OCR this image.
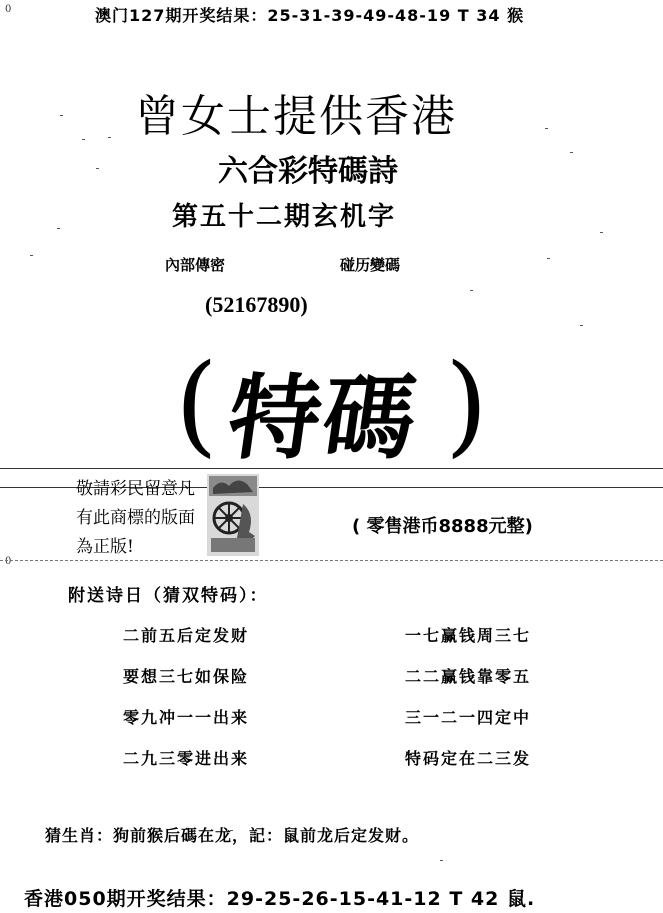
澳门127期开奖结果：25-31-39-49-48-19 T 34 猴
0
0
曾女士提供香港
六合彩特碼詩
第五十二期玄机字
內部傳密	碰历變碼
(52167890)
( 特碼 )
敬請彩民留意凡有此商標的版面為正版!
( 零售港币8888元整)
附送诗日（猜双特码）：
二前五后定发财
要想三七如保险
零九冲一一出来
二九三零进出来
一七赢钱周三七
二二赢钱靠零五
三一二一四定中
特码定在二三发
猜生肖：狗前猴后碼在龙，記：鼠前龙后定发财。
香港050期开奖结果：29-25-26-15-41-12 T 42 鼠.
